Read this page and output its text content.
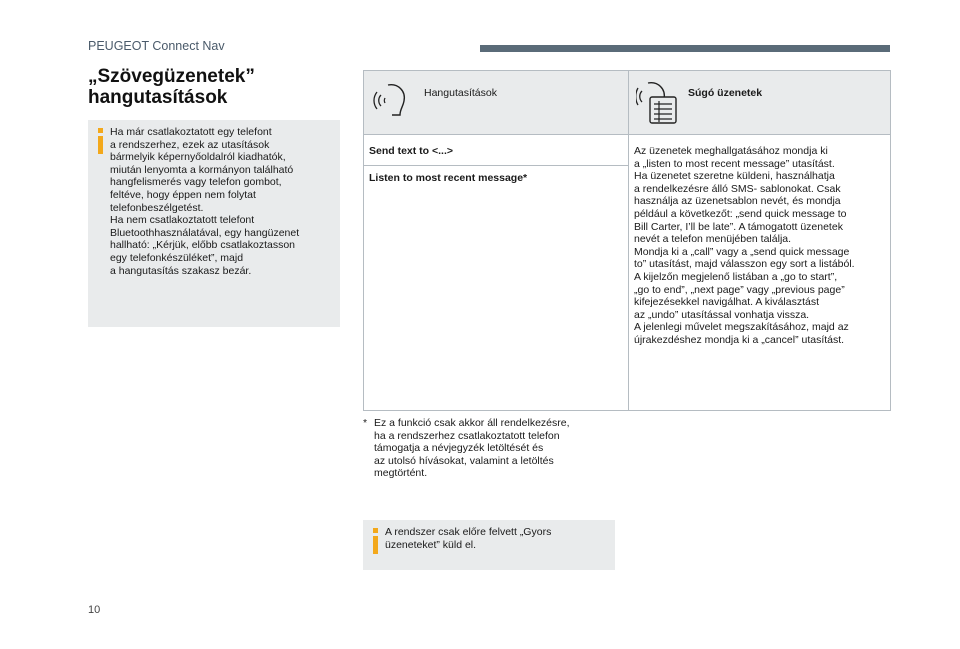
PEUGEOT Connect Nav
„Szövegüzenetek”
hangutasítások
Ha már csatlakoztatott egy telefont
a rendszerhez, ezek az utasítások
bármelyik képernyőoldalról kiadhatók,
miután lenyomta a kormányon található
hangfelismerés vagy telefon gombot,
feltéve, hogy éppen nem folytat
telefonbeszélgetést.
Ha nem csatlakoztatott telefont
Bluetoothhasználatával, egy hangüzenet
hallható: „Kérjük, előbb csatlakoztasson
egy telefonkészüléket”, majd
a hangutasítás szakasz bezár.
Hangutasítások	Súgó üzenetek
Send text to <...>
Listen to most recent message*
Az üzenetek meghallgatásához mondja ki
a „listen to most recent message” utasítást.
Ha üzenetet szeretne küldeni, használhatja
a rendelkezésre álló SMS- sablonokat. Csak
használja az üzenetsablon nevét, és mondja
például a következőt: „send quick message to
Bill Carter, I’ll be late”. A támogatott üzenetek
nevét a telefon menüjében találja.
Mondja ki a „call” vagy a „send quick message
to” utasítást, majd válasszon egy sort a listából.
A kijelzőn megjelenő listában a „go to start”,
„go to end”, „next page” vagy „previous page”
kifejezésekkel navigálhat. A kiválasztást
az „undo” utasítással vonhatja vissza.
A jelenlegi művelet megszakításához, majd az
újrakezdéshez mondja ki a „cancel” utasítást.
* Ez a funkció csak akkor áll rendelkezésre,
ha a rendszerhez csatlakoztatott telefon
támogatja a névjegyzék letöltését és
az utolsó hívásokat, valamint a letöltés
megtörtént.
A rendszer csak előre felvett „Gyors
üzeneteket” küld el.
10
